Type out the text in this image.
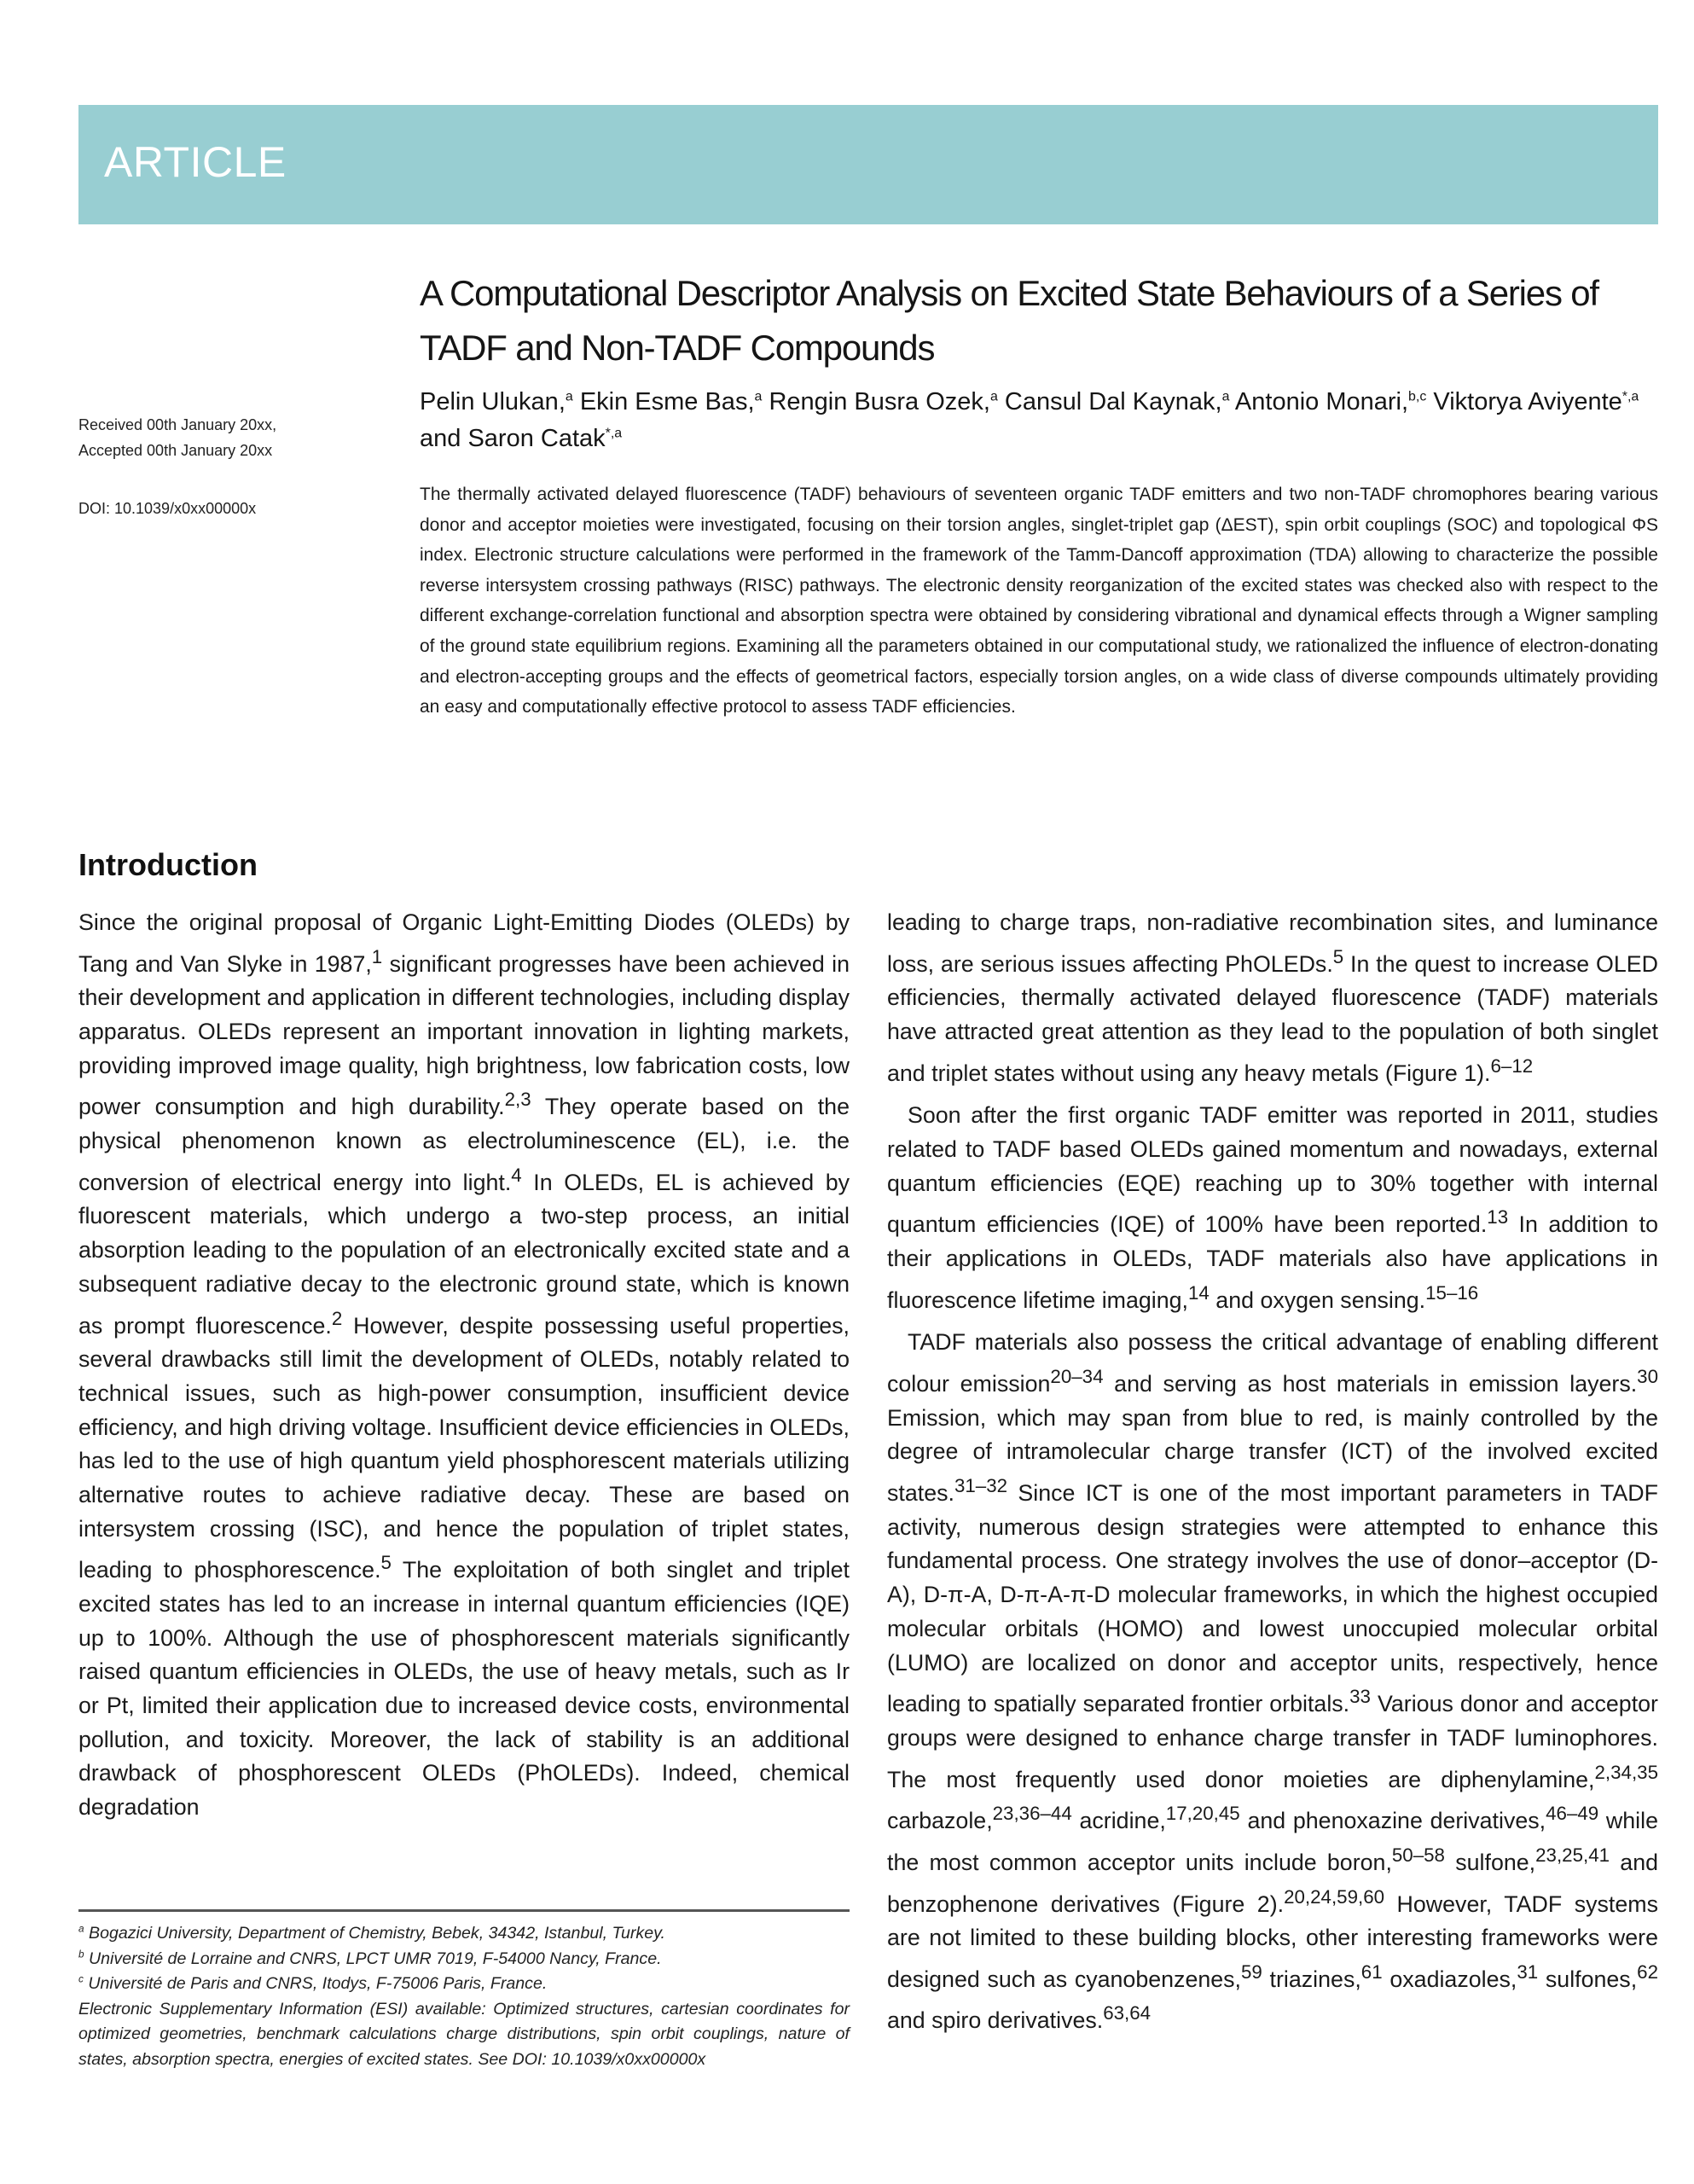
ARTICLE
A Computational Descriptor Analysis on Excited State Behaviours of a Series of TADF and Non-TADF Compounds
Pelin Ulukan,$^a$ Ekin Esme Bas,$^a$ Rengin Busra Ozek,$^a$ Cansul Dal Kaynak,$^a$ Antonio Monari,$^{b,c}$ Viktorya Aviyente$^{*,a}$ and Saron Catak$^{*,a}$
Received 00th January 20xx,
Accepted 00th January 20xx
DOI: 10.1039/x0xx00000x

The thermally activated delayed fluorescence (TADF) behaviours of seventeen organic TADF emitters and two non-TADF chromophores bearing various donor and acceptor moieties were investigated, focusing on their torsion angles, singlet-triplet gap (ΔEST), spin orbit couplings (SOC) and topological ΦS index. Electronic structure calculations were performed in the framework of the Tamm-Dancoff approximation (TDA) allowing to characterize the possible reverse intersystem crossing pathways (RISC) pathways. The electronic density reorganization of the excited states was checked also with respect to the different exchange-correlation functional and absorption spectra were obtained by considering vibrational and dynamical effects through a Wigner sampling of the ground state equilibrium regions. Examining all the parameters obtained in our computational study, we rationalized the influence of electron-donating and electron-accepting groups and the effects of geometrical factors, especially torsion angles, on a wide class of diverse compounds ultimately providing an easy and computationally effective protocol to assess TADF efficiencies.

Introduction

Since the original proposal of Organic Light-Emitting Diodes (OLEDs) by Tang and Van Slyke in 1987,$^1$ significant progresses have been achieved in their development and application in different technologies, including display apparatus. OLEDs represent an important innovation in lighting markets, providing improved image quality, high brightness, low fabrication costs, low power consumption and high durability.$^{2,3}$ They operate based on the physical phenomenon known as electroluminescence (EL), i.e. the conversion of electrical energy into light.$^4$ In OLEDs, EL is achieved by fluorescent materials, which undergo a two-step process, an initial absorption leading to the population of an electronically excited state and a subsequent radiative decay to the electronic ground state, which is known as prompt fluorescence.$^2$ However, despite possessing useful properties, several drawbacks still limit the development of OLEDs, notably related to technical issues, such as high-power consumption, insufficient device efficiency, and high driving voltage. Insufficient device efficiencies in OLEDs, has led to the use of high quantum yield phosphorescent materials utilizing alternative routes to achieve radiative decay. These are based on intersystem crossing (ISC), and hence the population of triplet states, leading to phosphorescence.$^5$ The exploitation of both singlet and triplet excited states has led to an increase in internal quantum efficiencies (IQE) up to 100%. Although the use of phosphorescent materials significantly raised quantum efficiencies in OLEDs, the use of heavy metals, such as Ir or Pt, limited their application due to increased device costs, environmental pollution, and toxicity. Moreover, the lack of stability is an additional drawback of phosphorescent OLEDs (PhOLEDs). Indeed, chemical degradation

leading to charge traps, non-radiative recombination sites, and luminance loss, are serious issues affecting PhOLEDs.$^5$ In the quest to increase OLED efficiencies, thermally activated delayed fluorescence (TADF) materials have attracted great attention as they lead to the population of both singlet and triplet states without using any heavy metals (Figure 1).$^{6-12}$

Soon after the first organic TADF emitter was reported in 2011, studies related to TADF based OLEDs gained momentum and nowadays, external quantum efficiencies (EQE) reaching up to 30% together with internal quantum efficiencies (IQE) of 100% have been reported.$^{13}$ In addition to their applications in OLEDs, TADF materials also have applications in fluorescence lifetime imaging,$^{14}$ and oxygen sensing.$^{15-16}$

TADF materials also possess the critical advantage of enabling different colour emission$^{20-34}$ and serving as host materials in emission layers.$^{30}$ Emission, which may span from blue to red, is mainly controlled by the degree of intramolecular charge transfer (ICT) of the involved excited states.$^{31-32}$ Since ICT is one of the most important parameters in TADF activity, numerous design strategies were attempted to enhance this fundamental process. One strategy involves the use of donor–acceptor (D-A), D-π-A, D-π-A-π-D molecular frameworks, in which the highest occupied molecular orbitals (HOMO) and lowest unoccupied molecular orbital (LUMO) are localized on donor and acceptor units, respectively, hence leading to spatially separated frontier orbitals.$^{33}$ Various donor and acceptor groups were designed to enhance charge transfer in TADF luminophores. The most frequently used donor moieties are diphenylamine,$^{2,34,35}$ carbazole,$^{23,36-44}$ acridine,$^{17,20,45}$ and phenoxazine derivatives,$^{46-49}$ while the most common acceptor units include boron,$^{50-58}$ sulfone,$^{23,25,41}$ and benzophenone derivatives (Figure 2).$^{20,24,59,60}$ However, TADF systems are not limited to these building blocks, other interesting frameworks were designed such as cyanobenzenes,$^{59}$ triazines,$^{61}$ oxadiazoles,$^{31}$ sulfones,$^{62}$ and spiro derivatives.$^{63,64}$

$^a$ Bogazici University, Department of Chemistry, Bebek, 34342, Istanbul, Turkey.
$^b$ Université de Lorraine and CNRS, LPCT UMR 7019, F-54000 Nancy, France.
$^c$ Université de Paris and CNRS, Itodys, F-75006 Paris, France.
Electronic Supplementary Information (ESI) available: Optimized structures, cartesian coordinates for optimized geometries, benchmark calculations charge distributions, spin orbit couplings, nature of states, absorption spectra, energies of excited states. See DOI: 10.1039/x0xx00000x
